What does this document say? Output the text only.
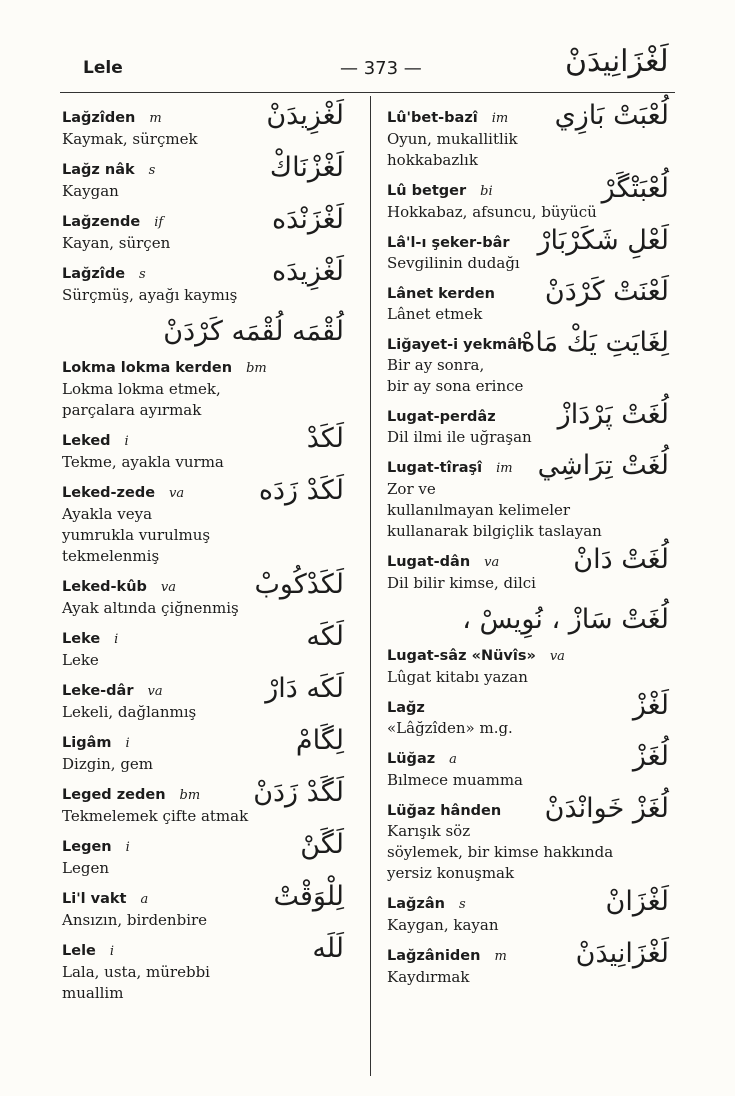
Lele	— 373 —	لَغْزَانِيدَنْ
لَغْزِيدَنْ
Lağzîden m
Kaymak, sürçmek
لَغْزْنَاكْ
Lağz nâk s
Kaygan
لَغْزَنْدَه
Lağzende if
Kayan, sürçen
لَغْزِيدَه
Lağzîde s
Sürçmüş, ayağı kaymış
لُقْمَه لُقْمَه كَرْدَنْ
Lokma lokma kerden bm
Lokma lokma etmek,
parçalara ayırmak
لَكَدْ
Leked i
Tekme, ayakla vurma
لَكَدْ زَدَه
Leked-zede va
Ayakla veya
yumrukla vurulmuş
tekmelenmiş
لَكَدْكُوبْ
Leked-kûb va
Ayak altında çiğnenmiş
لَكَه
Leke i
Leke
لَكَه دَارْ
Leke-dâr va
Lekeli, dağlanmış
لِگَامْ
Ligâm i
Dizgin, gem
لَگَدْ زَدَنْ
Leged zeden bm
Tekmelemek çifte atmak
لَگَنْ
Legen i
Legen
لِلْوَقْتْ
Li'l vakt a
Ansızın, birdenbire
لَلَه
Lele i
Lala, usta, mürebbi
muallim
لُعْبَتْ بَازِي
Lû'bet-bazî im
Oyun, mukallitlik
hokkabazlık
لُعْبَتْگَرْ
Lû betger bi
Hokkabaz, afsuncu, büyücü
لَعْلِ شَكَرْبَارْ
Lâ'l-ı şeker-bâr
Sevgilinin dudağı
لَعْنَتْ كَرْدَنْ
Lânet kerden
Lânet etmek
لِغَايَتِ يَكْ مَاهْ
Liğayet-i yekmâh
Bir ay sonra,
bir ay sona erince
لُغَتْ پَرْدَازْ
Lugat-perdâz
Dil ilmi ile uğraşan
لُغَتْ تِرَاشِي
Lugat-tîraşî im
Zor ve
kullanılmayan kelimeler
kullanarak bilgiçlik taslayan
لُغَتْ دَانْ
Lugat-dân va
Dil bilir kimse, dilci
لُغَتْ سَازْ ، نُوِيسْ ،
Lugat-sâz «Nüvîs» va
Lûgat kitabı yazan
لَغْزْ
Lağz
«Lâğzîden» m.g.
لُغَزْ
Lüğaz a
Bılmece muamma
لُغَزْ خَوانْدَنْ
Lüğaz hânden
Karışık söz
söylemek, bir kimse hakkında
yersiz konuşmak
لَغْزَانْ
Lağzân s
Kaygan, kayan
لَغْزَانِيدَنْ
Lağzâniden m
Kaydırmak
